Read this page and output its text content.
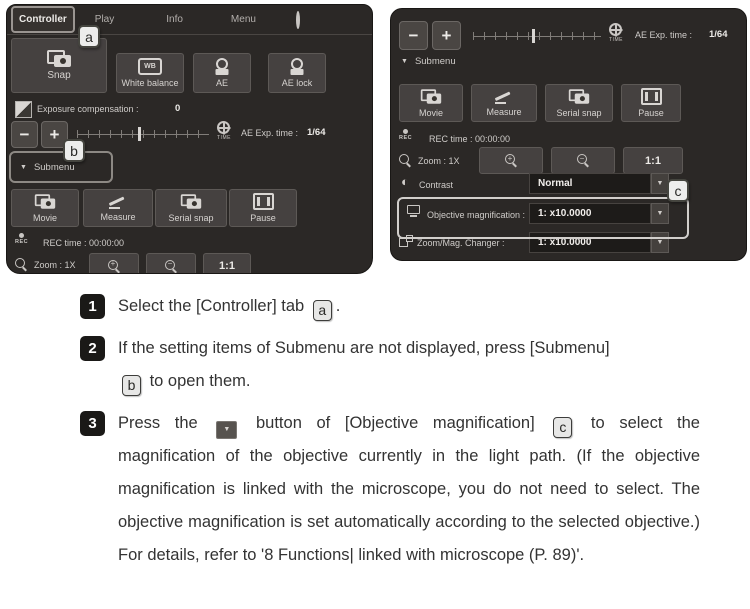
Controller	Play	Info	Menu
a
Snap
WB
White balance	AE	AE lock
Exposure compensation :	0
−	+	TIME
AE Exp. time : 1/64
▼ Submenu
b
Movie	Measure	Serial snap	Pause
REC REC time : 00:00:00
Zoom : 1X	+	−	1:1
−	+	TIME
AE Exp. time : 1/64
▼ Submenu
Movie	Measure	Serial snap	Pause
REC REC time : 00:00:00
Zoom : 1X	+	−	1:1
◐ Contrast	Normal	▼ c
Objective magnification :	1: x10.0000	▼
Zoom/Mag. Changer :	1: x10.0000	▼
1	Select the [Controller] tab a .

2	If the setting items of Submenu are not displayed, press [Submenu]
b to open them.

3	Press the ▼ button of [Objective magnification] c to select the magnification of the objective currently in the light path. (If the objective magnification is linked with the microscope, you do not need to select. The objective magnification is set automatically according to the selected objective.) For details, refer to '8 Functions| linked with microscope (P. 89)'.
